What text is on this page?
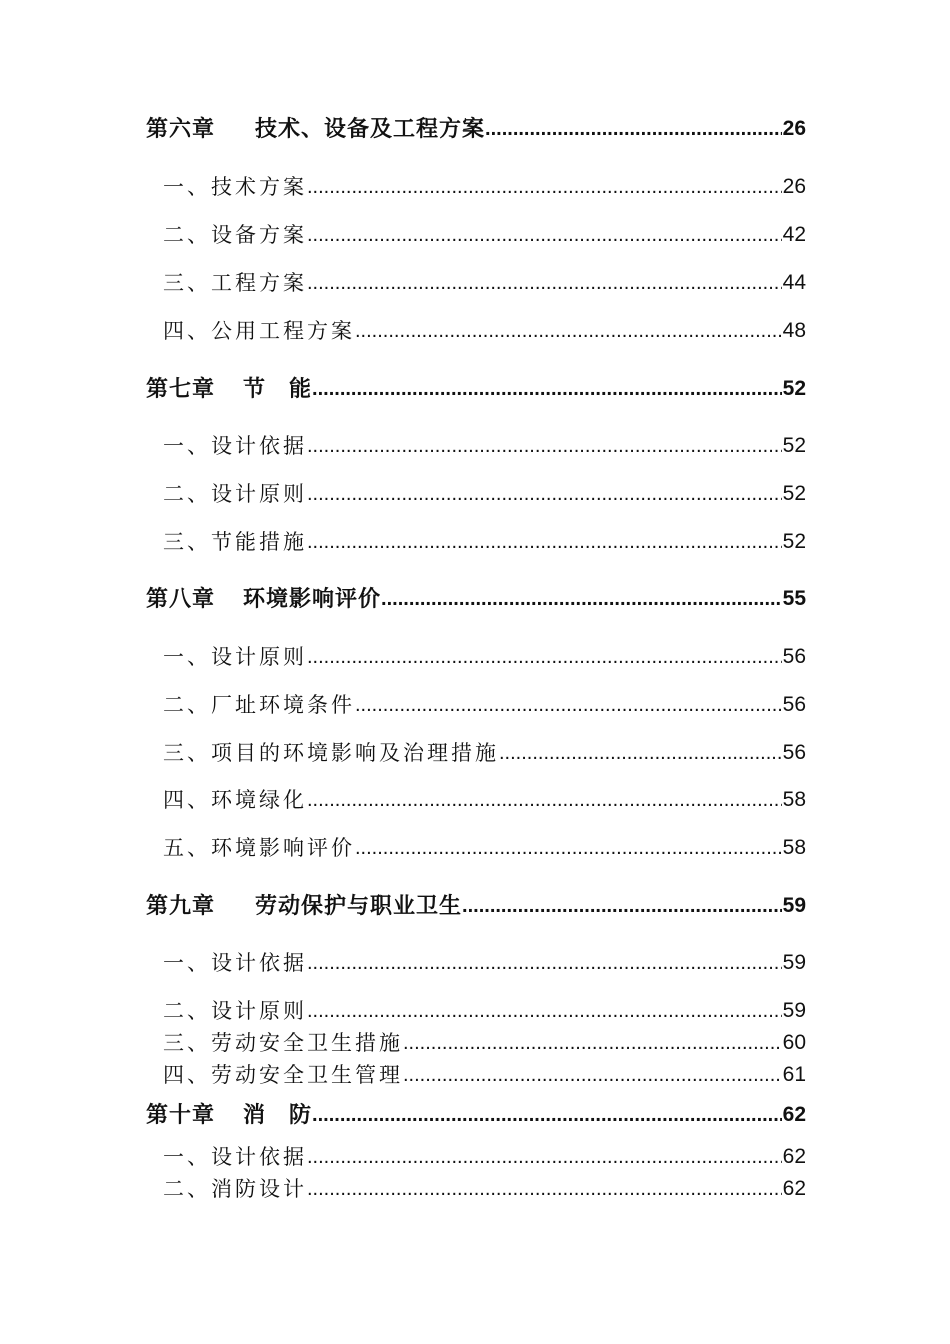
第六章 技术、设备及工程方案 .....	26
一、技术方案 .....	26
二、设备方案 .....	42
三、工程方案 .....	44
四、公用工程方案 .....	48
第七章 节　能 .....	52
一、设计依据 .....	52
二、设计原则 .....	52
三、节能措施 .....	52
第八章 环境影响评价 .....	55
一、设计原则 .....	56
二、厂址环境条件 .....	56
三、项目的环境影响及治理措施 .....	56
四、环境绿化 .....	58
五、环境影响评价 .....	58
第九章 劳动保护与职业卫生 .....	59
一、设计依据 .....	59
二、设计原则 .....	59
三、劳动安全卫生措施 .....	60
四、劳动安全卫生管理 .....	61
第十章 消　防 .....	62
一、设计依据 .....	62
二、消防设计 .....	62
